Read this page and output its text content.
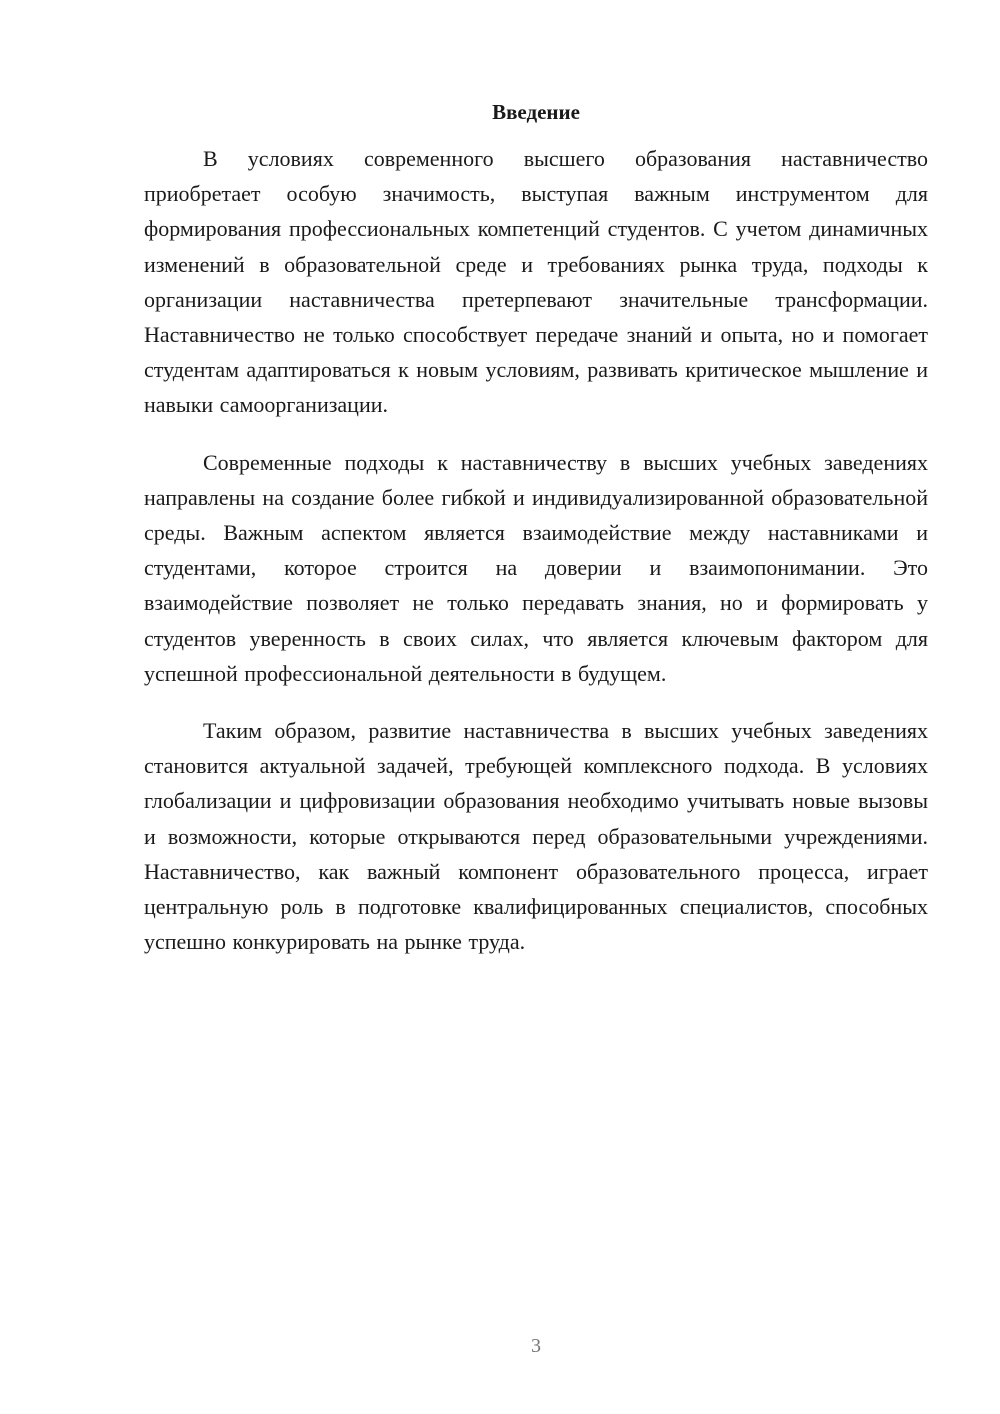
Введение

В условиях современного высшего образования наставничество приобретает особую значимость, выступая важным инструментом для формирования профессиональных компетенций студентов. С учетом динамичных изменений в образовательной среде и требованиях рынка труда, подходы к организации наставничества претерпевают значительные трансформации. Наставничество не только способствует передаче знаний и опыта, но и помогает студентам адаптироваться к новым условиям, развивать критическое мышление и навыки самоорганизации.

Современные подходы к наставничеству в высших учебных заведениях направлены на создание более гибкой и индивидуализированной образовательной среды. Важным аспектом является взаимодействие между наставниками и студентами, которое строится на доверии и взаимопонимании. Это взаимодействие позволяет не только передавать знания, но и формировать у студентов уверенность в своих силах, что является ключевым фактором для успешной профессиональной деятельности в будущем.

Таким образом, развитие наставничества в высших учебных заведениях становится актуальной задачей, требующей комплексного подхода. В условиях глобализации и цифровизации образования необходимо учитывать новые вызовы и возможности, которые открываются перед образовательными учреждениями. Наставничество, как важный компонент образовательного процесса, играет центральную роль в подготовке квалифицированных специалистов, способных успешно конкурировать на рынке труда.

3
